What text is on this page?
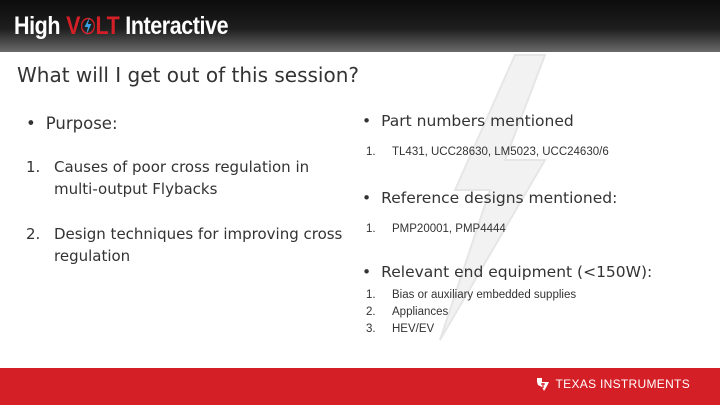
High V LT Interactive
What will I get out of this session?
• Purpose:
1. Causes of poor cross regulation in multi-output Flybacks
2. Design techniques for improving cross regulation
• Part numbers mentioned
1.	TL431, UCC28630, LM5023, UCC24630/6
• Reference designs mentioned:
1.	PMP20001, PMP4444
• Relevant end equipment (<150W):
1.	Bias or auxiliary embedded supplies
2.	Appliances
3.	HEV/EV
TEXAS INSTRUMENTS
